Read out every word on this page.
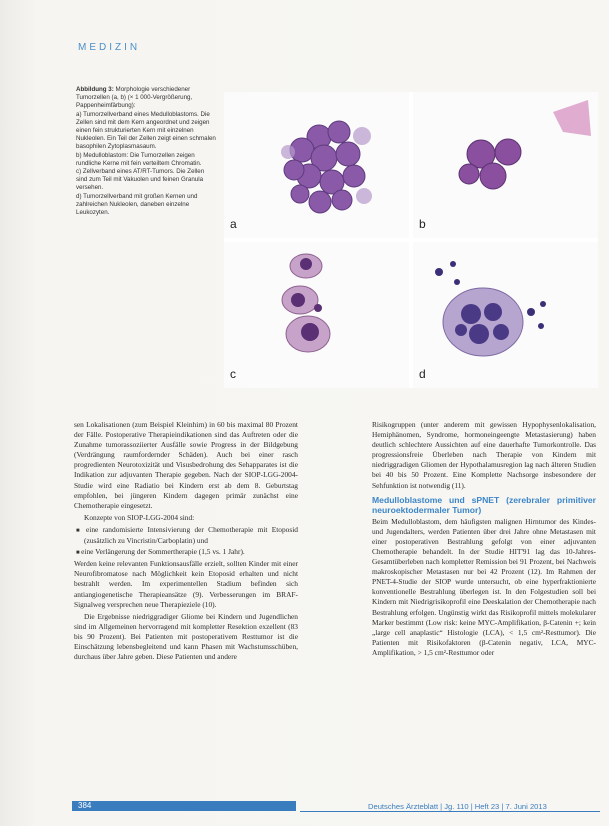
MEDIZIN

Abbildung 3: Morphologie verschiedener Tumorzellen (a, b) (× 1 000-Vergrößerung, Pappenheimfärbung):

a) Tumorzellverband eines Medulloblastoms. Die Zellen sind mit dem Kern angeordnet und zeigen einen fein strukturierten Kern mit einzelnen Nukleolen. Ein Teil der Zellen zeigt einen schmalen basophilen Zytoplasmasaum.

b) Medulloblastom: Die Tumorzellen zeigen rundliche Kerne mit fein verteiltem Chromatin.

c) Zellverband eines AT/RT-Tumors. Die Zellen sind zum Teil mit Vakuolen und feinen Granula versehen.

d) Tumorzellverband mit großen Kernen und zahlreichen Nukleolen, daneben einzelne Leukozyten.

a	b
c	d

sen Lokalisationen (zum Beispiel Kleinhirn) in 60 bis maximal 80 Prozent der Fälle. Postoperative Therapieindikationen sind das Auftreten oder die Zunahme tumorassoziierter Ausfälle sowie Progress in der Bildgebung (Verdrängung raumfordernder Schäden). Auch bei einer rasch progredienten Neurotoxizität und Visusbedrohung des Sehapparates ist die Indikation zur adjuvanten Therapie gegeben. Nach der SIOP-LGG-2004-Studie wird eine Radiatio bei Kindern erst ab dem 8. Geburtstag empfohlen, bei jüngeren Kindern dagegen primär zunächst eine Chemotherapie eingesetzt.

Konzepte von SIOP-LGG-2004 sind:

■ eine randomisierte Intensivierung der Chemotherapie mit Etoposid (zusätzlich zu Vincristin/Carboplatin) und

■ eine Verlängerung der Sommertherapie (1,5 vs. 1 Jahr).

Werden keine relevanten Funktionsausfälle erzielt, sollten Kinder mit einer Neurofibromatose nach Möglichkeit kein Etoposid erhalten und nicht bestrahlt werden. Im experimentellen Stadium befinden sich antiangiogenetische Therapieansätze (9). Verbesserungen im BRAF-Signalweg versprechen neue Therapieziele (10).

Die Ergebnisse niedriggradiger Gliome bei Kindern und Jugendlichen sind im Allgemeinen hervorragend mit kompletter Resektion exzellent (83 bis 90 Prozent). Bei Patienten mit postoperativem Resttumor ist die Einschätzung lebensbegleitend und kann Phasen mit Wachstumsschüben, durchaus über Jahre geben. Diese Patienten und andere

Risikogruppen (unter anderem mit gewissen Hypophysenlokalisation, Hemiphänomen, Syndrome, hormoneingeengte Metastasierung) haben deutlich schlechtere Aussichten auf eine dauerhafte Tumorkontrolle. Das progressionsfreie Überleben nach Therapie von Kindern mit niedriggradigen Gliomen der Hypothalamusregion lag nach älteren Studien bei 40 bis 50 Prozent. Eine Komplette Nachsorge insbesondere der Sehfunktion ist notwendig (11).

Medulloblastome und sPNET (zerebraler primitiver neuroektodermaler Tumor)

Beim Medulloblastom, dem häufigsten malignen Hirntumor des Kindes- und Jugendalters, werden Patienten über drei Jahre ohne Metastasen mit einer postoperativen Bestrahlung gefolgt von einer adjuvanten Chemotherapie behandelt. In der Studie HIT'91 lag das 10-Jahres-Gesamtüberleben nach kompletter Remission bei 91 Prozent, bei Nachweis makroskopischer Metastasen nur bei 42 Prozent (12). Im Rahmen der PNET-4-Studie der SIOP wurde untersucht, ob eine hyperfraktionierte konventionelle Bestrahlung überlegen ist. In den Folgestudien soll bei Kindern mit Niedrigrisikoprofil eine Deeskalation der Chemotherapie nach Bestrahlung erfolgen. Ungünstig wirkt das Risikoprofil mittels molekularer Marker bestimmt (Low risk: keine MYC-Amplifikation, β-Catenin +; kein „large cell anaplastic“ Histologie (LCA), < 1,5 cm²-Resttumor). Die Patienten mit Risikofaktoren (β-Catenin negativ, LCA, MYC-Amplifikation, > 1,5 cm²-Resttumor oder

384	Deutsches Ärzteblatt | Jg. 110 | Heft 23 | 7. Juni 2013
